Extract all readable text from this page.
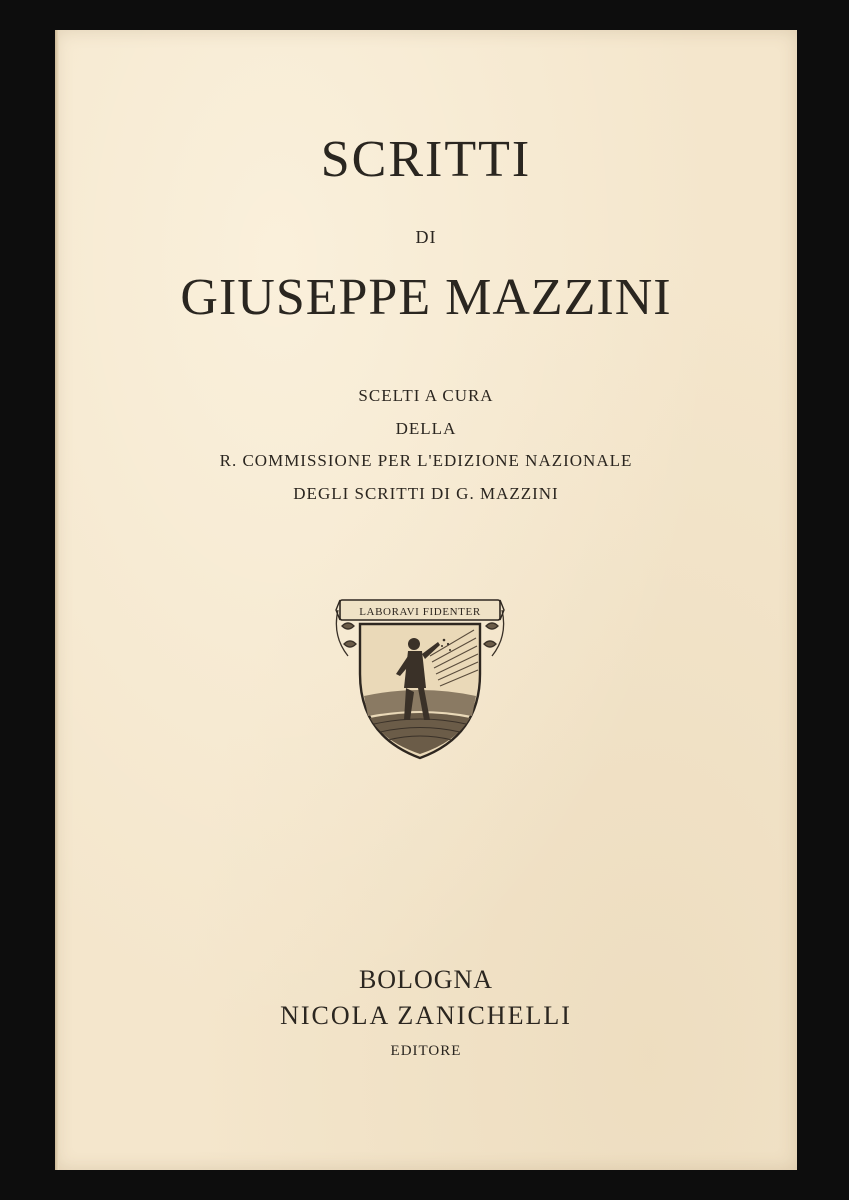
SCRITTI
DI
GIUSEPPE MAZZINI
SCELTI A CURA
DELLA
R. COMMISSIONE PER L'EDIZIONE NAZIONALE
DEGLI SCRITTI DI G. MAZZINI
LABORAVI FIDENTER
BOLOGNA
NICOLA ZANICHELLI
EDITORE
